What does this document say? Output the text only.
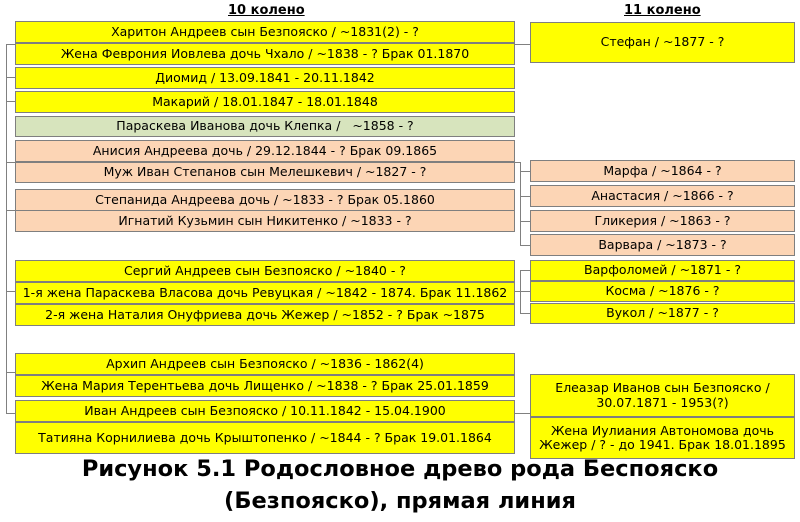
10 колено	11 колено
Харитон Андреев сын Безпояско / ~1831(2) - ?
Жена Феврония Иовлева дочь Чхало / ~1838 - ? Брак 01.1870
Диомид / 13.09.1841 - 20.11.1842
Макарий / 18.01.1847 - 18.01.1848
Параскева Иванова дочь Клепка /   ~1858 - ?
Анисия Андреева дочь / 29.12.1844 - ? Брак 09.1865
Муж Иван Степанов сын Мелешкевич / ~1827 - ?
Степанида Андреева дочь / ~1833 - ? Брак 05.1860
Игнатий Кузьмин сын Никитенко / ~1833 - ?
Сергий Андреев сын Безпояско / ~1840 - ?
1-я жена Параскева Власова дочь Ревуцкая / ~1842 - 1874. Брак 11.1862
2-я жена Наталия Онуфриева дочь Жежер / ~1852 - ? Брак ~1875
Архип Андреев сын Безпояско / ~1836 - 1862(4)
Жена Мария Терентьева дочь Лищенко / ~1838 - ? Брак 25.01.1859
Иван Андреев сын Безпояско / 10.11.1842 - 15.04.1900
Татияна Корнилиева дочь Крыштопенко / ~1844 - ? Брак 19.01.1864
Стефан / ~1877 - ?
Марфа / ~1864 - ?
Анастасия / ~1866 - ?
Гликерия / ~1863 - ?
Варвара / ~1873 - ?
Варфоломей / ~1871 - ?
Косма / ~1876 - ?
Вукол / ~1877 - ?
Елеазар Иванов сын Безпояско /
30.07.1871 - 1953(?)
Жена Иулиания Автономова дочь
Жежер / ? - до 1941. Брак 18.01.1895
Рисунок 5.1 Родословное древо рода Беспояско
(Безпояско), прямая линия
